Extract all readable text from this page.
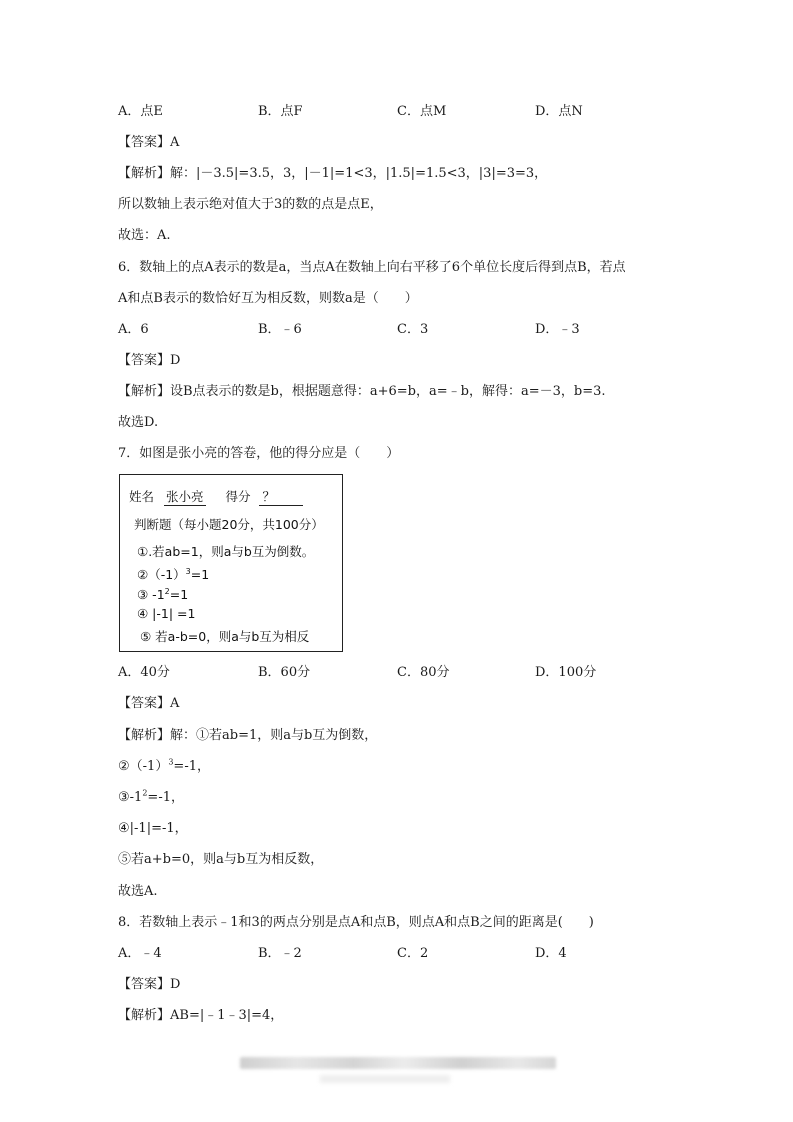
A．点E	B．点F	C．点M	D．点N
【答案】A
【解析】解：|－3.5|=3.5，3，|－1|=1<3，|1.5|=1.5<3，|3|=3=3，
所以数轴上表示绝对值大于3的数的点是点E，
故选：A.
6．数轴上的点A表示的数是a，当点A在数轴上向右平移了6个单位长度后得到点B，若点
A和点B表示的数恰好互为相反数，则数a是（　　）
A．6	B．﹣6	C．3	D．﹣3
【答案】D
【解析】设B点表示的数是b，根据题意得：a+6=b，a=﹣b，解得：a=－3，b=3.
故选D.
7．如图是张小亮的答卷，他的得分应是（　　）
姓名 张小亮 得分 ？
判断题（每小题20分，共100分）
①.若ab=1，则a与b互为倒数。
$②(-1)^3=1$
③ $-1^2=1$
④ |-1| =1
⑤ 若a-b=0，则a与b互为相反
A．40分	B．60分	C．80分	D．100分
【答案】A
【解析】解：①若ab=1，则a与b互为倒数，
$②(-1)^3=-1$，
$③-1^2=-1$，
④|-1|=-1，
⑤若a+b=0，则a与b互为相反数，
故选A.
8．若数轴上表示﹣1和3的两点分别是点A和点B，则点A和点B之间的距离是(　　)
A．﹣4	B．﹣2	C．2	D．4
【答案】D
【解析】AB=|﹣1﹣3|=4，
